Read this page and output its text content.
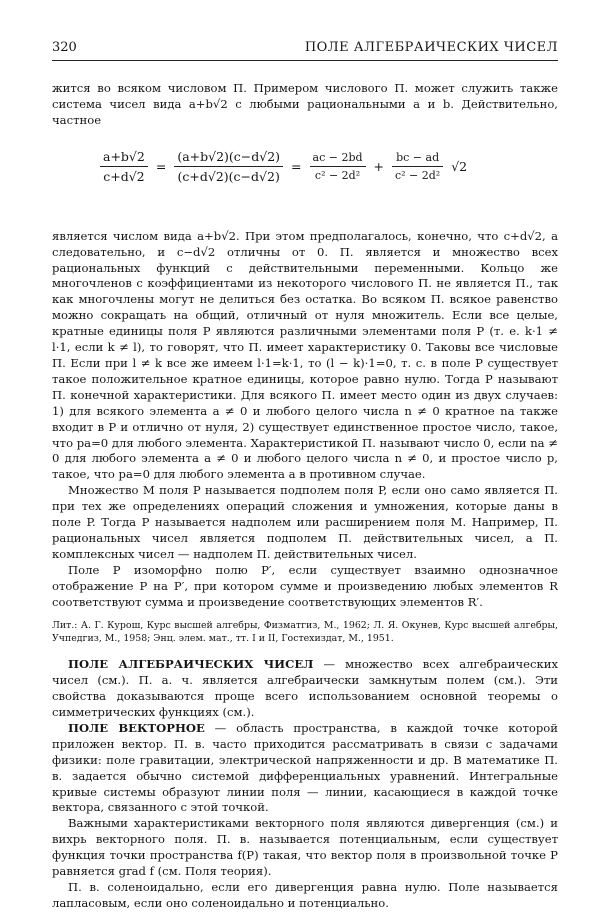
320	ПОЛЕ АЛГЕБРАИЧЕСКИХ ЧИСЕЛ

жится во всяком числовом П. Примером числового П. может служить также система чисел вида a+b√2 с любыми рациональными a и b. Действительно, частное

$\frac{a+b√2}{c+d√2} = \frac{(a+b√2)(c-d√2)}{(c+d√2)(c-d√2)} = \frac{ac - 2bd}{\text{c² − 2d²}} + \frac{bc - ad}{\text{c² − 2d²}} √2$

является числом вида a+b√2. При этом предполагалось, конечно, что c+d√2, а следовательно, и c−d√2 отличны от 0. П. является и множество всех рациональных функций с действительными переменными. Кольцо же многочленов с коэффициентами из некоторого числового П. не является П., так как многочлены могут не делиться без остатка. Во всяком П. всякое равенство можно сокращать на общий, отличный от нуля множитель. Если все целые, кратные единицы поля P являются различными элементами поля P (т. е. k·1 ≠ l·1, если k ≠ l), то говорят, что П. имеет характеристику 0. Таковы все числовые П. Если при l ≠ k все же имеем l·1=k·1, то (l − k)·1=0, т. с. в поле P существует такое положительное кратное единицы, которое равно нулю. Тогда P называют П. конечной характеристики. Для всякого П. имеет место один из двух случаев: 1) для всякого элемента a ≠ 0 и любого целого числа n ≠ 0 кратное na также входит в P и отлично от нуля, 2) существует единственное простое число, такое, что pa=0 для любого элемента. Характеристикой П. называют число 0, если na ≠ 0 для любого элемента a ≠ 0 и любого целого числа n ≠ 0, и простое число p, такое, что pa=0 для любого элемента a в противном случае.

Множество M поля P называется подполем поля P, если оно само является П. при тех же определениях операций сложения и умножения, которые даны в поле P. Тогда P называется надполем или расширением поля M. Например, П. рациональных чисел является подполем П. действительных чисел, а П. комплексных чисел — надполем П. действительных чисел.

Поле P изоморфно полю P′, если существует взаимно однозначное отображение P на P′, при котором сумме и произведению любых элементов R соответствуют сумма и произведение соответствующих элементов R′.

Лит.: А. Г. Курош, Курс высшей алгебры, Физматгиз, М., 1962; Л. Я. Окунев, Курс высшей алгебры, Учпедгиз, М., 1958; Энц. элем. мат., тт. I и II, Гостехиздат, М., 1951.

ПОЛЕ АЛГЕБРАИЧЕСКИХ ЧИСЕЛ — множество всех алгебраических чисел (см.). П. а. ч. является алгебраически замкнутым полем (см.). Эти свойства доказываются проще всего использованием основной теоремы о симметрических функциях (см.).

ПОЛЕ ВЕКТОРНОЕ — область пространства, в каждой точке которой приложен вектор. П. в. часто приходится рассматривать в связи с задачами физики: поле гравитации, электрической напряженности и др. В математике П. в. задается обычно системой дифференциальных уравнений. Интегральные кривые системы образуют линии поля — линии, касающиеся в каждой точке вектора, связанного с этой точкой.

Важными характеристиками векторного поля являются дивергенция (см.) и вихрь векторного поля. П. в. называется потенциальным, если существует функция точки пространства f(P) такая, что вектор поля в произвольной точке P равняется grad f (см. Поля теория).

П. в. соленоидально, если его дивергенция равна нулю. Поле называется лапласовым, если оно соленоидально и потенциально.
